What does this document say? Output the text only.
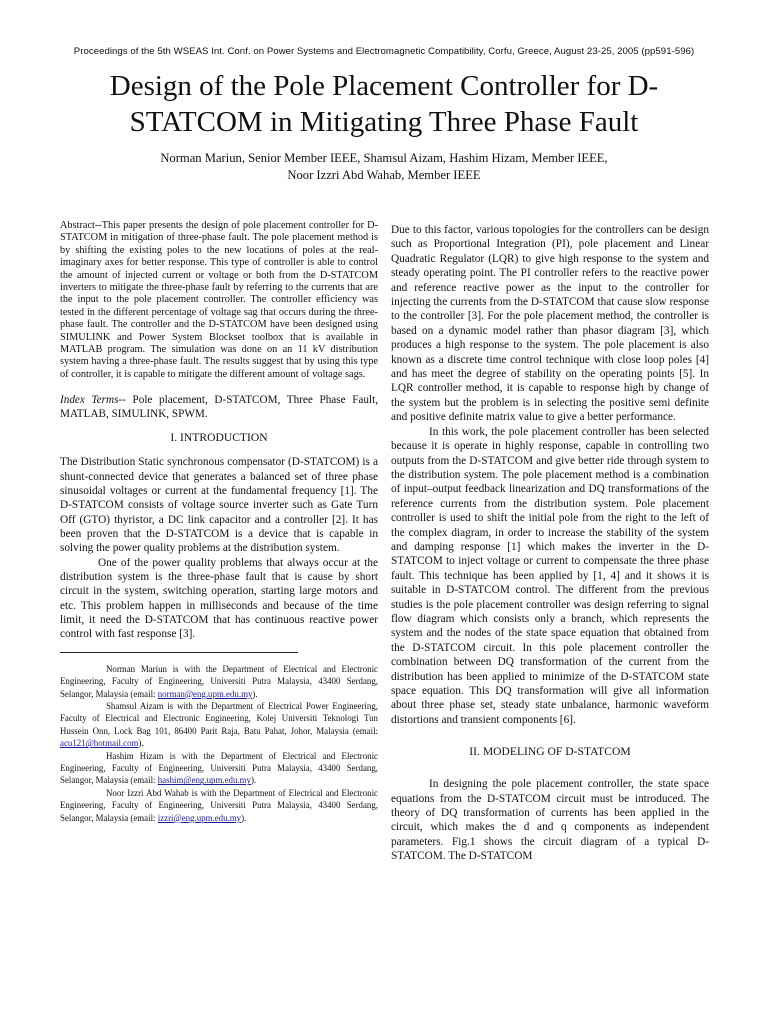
Proceedings of the 5th WSEAS Int. Conf. on Power Systems and Electromagnetic Compatibility, Corfu, Greece, August 23-25, 2005 (pp591-596)
Design of the Pole Placement Controller for D-STATCOM in Mitigating Three Phase Fault
Norman Mariun, Senior Member IEEE, Shamsul Aizam, Hashim Hizam, Member IEEE,
Noor Izzri Abd Wahab, Member IEEE

Abstract--This paper presents the design of pole placement controller for D-STATCOM in mitigation of three-phase fault. The pole placement method is by shifting the existing poles to the new locations of poles at the real-imaginary axes for better response. This type of controller is able to control the amount of injected current or voltage or both from the D-STATCOM inverters to mitigate the three-phase fault by referring to the currents that are the input to the pole placement controller. The controller efficiency was tested in the different percentage of voltage sag that occurs during the three-phase fault. The controller and the D-STATCOM have been designed using SIMULINK and Power System Blockset toolbox that is available in MATLAB program. The simulation was done on an 11 kV distribution system having a three-phase fault. The results suggest that by using this type of controller, it is capable to mitigate the different amount of voltage sags.

Index Terms-- Pole placement, D-STATCOM, Three Phase Fault, MATLAB, SIMULINK, SPWM.

I. INTRODUCTION

The Distribution Static synchronous compensator (D-STATCOM) is a shunt-connected device that generates a balanced set of three phase sinusoidal voltages or current at the fundamental frequency [1]. The D-STATCOM consists of voltage source inverter such as Gate Turn Off (GTO) thyristor, a DC link capacitor and a controller [2]. It has been proven that the D-STATCOM is a device that is capable in solving the power quality problems at the distribution system.

One of the power quality problems that always occur at the distribution system is the three-phase fault that is cause by short circuit in the system, switching operation, starting large motors and etc. This problem happen in milliseconds and because of the time limit, it need the D-STATCOM that has continuous reactive power control with fast response [3].

Norman Mariun is with the Department of Electrical and Electronic Engineering, Faculty of Engineering, Universiti Putra Malaysia, 43400 Serdang, Selangor, Malaysia (email: norman@eng.upm.edu.my).

Shamsul Aizam is with the Department of Electrical Power Engineering, Faculty of Electrical and Electronic Engineering, Kolej Universiti Teknologi Tun Hussein Onn, Lock Bag 101, 86400 Parit Raja, Batu Pahat, Johor, Malaysia (email: acu121@hotmail.com).

Hashim Hizam is with the Department of Electrical and Electronic Engineering, Faculty of Engineering, Universiti Putra Malaysia, 43400 Serdang, Selangor, Malaysia (email: hashim@eng.upm.edu.my).

Noor Izzri Abd Wahab is with the Department of Electrical and Electronic Engineering, Faculty of Engineering, Universiti Putra Malaysia, 43400 Serdang, Selangor, Malaysia (email: izzri@eng.upm.edu.my).

Due to this factor, various topologies for the controllers can be design such as Proportional Integration (PI), pole placement and Linear Quadratic Regulator (LQR) to give high response to the system and steady operating point. The PI controller refers to the reactive power and reference reactive power as the input to the controller for injecting the currents from the D-STATCOM that cause slow response to the controller [3]. For the pole placement method, the controller is based on a dynamic model rather than phasor diagram [3], which produces a high response to the system. The pole placement is also known as a discrete time control technique with close loop poles [4] and has meet the degree of stability on the operating points [5]. In LQR controller method, it is capable to response high by change of the system but the problem is in selecting the positive semi definite and positive definite matrix value to give a better performance.

In this work, the pole placement controller has been selected because it is operate in highly response, capable in controlling two outputs from the D-STATCOM and give better ride through system to the distribution system. The pole placement method is a combination of input–output feedback linearization and DQ transformations of the reference currents from the distribution system. Pole placement controller is used to shift the initial pole from the right to the left of the complex diagram, in order to increase the stability of the system and damping response [1] which makes the inverter in the D-STATCOM to inject voltage or current to compensate the three phase fault. This technique has been applied by [1, 4] and it shows it is suitable in D-STATCOM control. The different from the previous studies is the pole placement controller was design referring to signal flow diagram which consists only a branch, which represents the system and the nodes of the state space equation that obtained from the D-STATCOM circuit. In this pole placement controller the combination between DQ transformation of the current from the distribution has been applied to minimize of the D-STATCOM state space equation. This DQ transformation will give all information about three phase set, steady state unbalance, harmonic waveform distortions and transient components [6].

II. MODELING OF D-STATCOM

In designing the pole placement controller, the state space equations from the D-STATCOM circuit must be introduced. The theory of DQ transformation of currents has been applied in the circuit, which makes the d and q components as independent parameters. Fig.1 shows the circuit diagram of a typical D-STATCOM. The D-STATCOM
